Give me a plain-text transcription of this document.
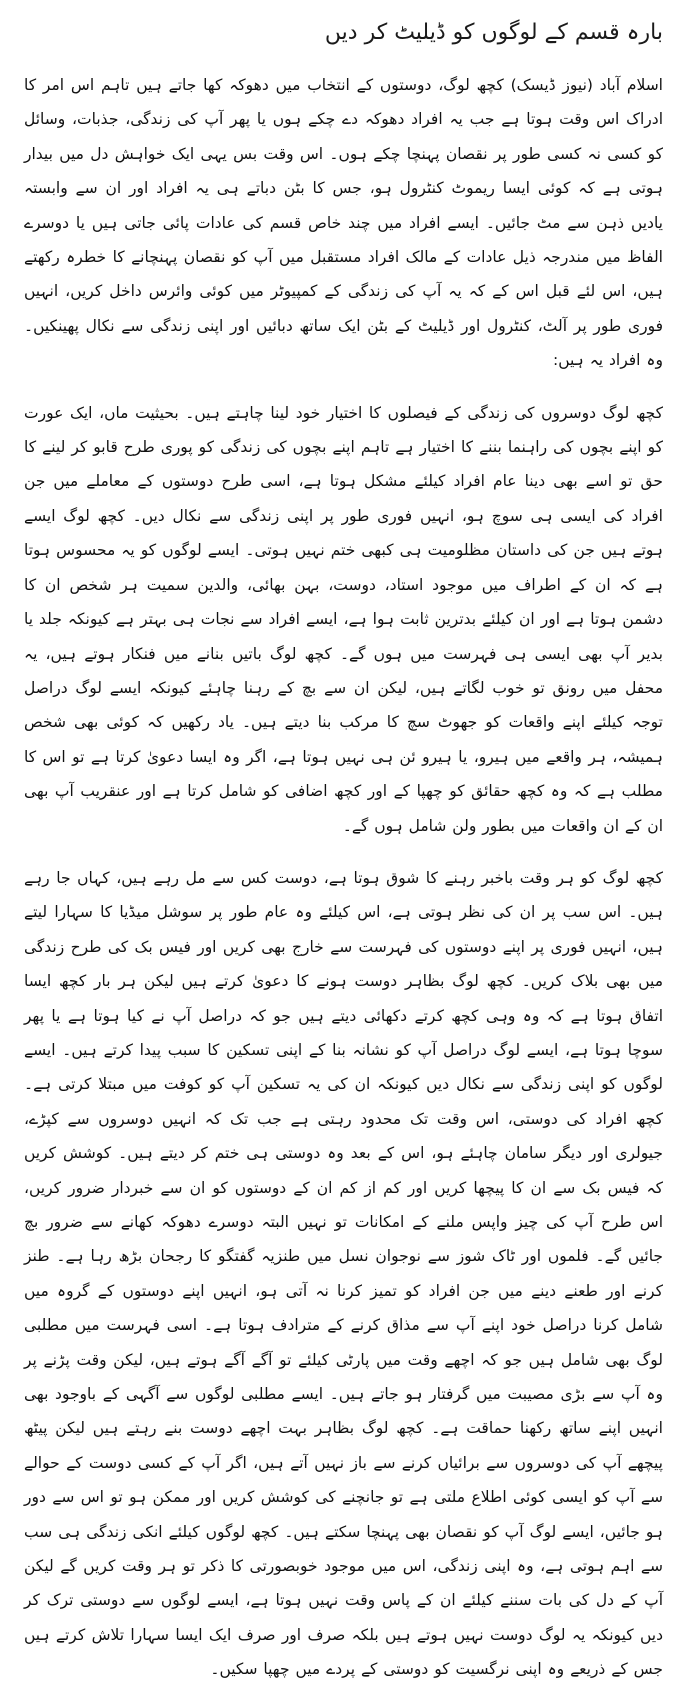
بارہ قسم کے لوگوں کو ڈیلیٹ کر دیں

اسلام آباد (نیوز ڈیسک) کچھ لوگ، دوستوں کے انتخاب میں دھوکہ کھا جاتے ہیں تاہم اس امر کا ادراک اس وقت ہوتا ہے جب یہ افراد دھوکہ دے چکے ہوں یا پھر آپ کی زندگی، جذبات، وسائل کو کسی نہ کسی طور پر نقصان پہنچا چکے ہوں۔ اس وقت بس یہی ایک خواہش دل میں بیدار ہوتی ہے کہ کوئی ایسا ریموٹ کنٹرول ہو، جس کا بٹن دباتے ہی یہ افراد اور ان سے وابستہ یادیں ذہن سے مٹ جائیں۔ ایسے افراد میں چند خاص قسم کی عادات پائی جاتی ہیں یا دوسرے الفاظ میں مندرجہ ذیل عادات کے مالک افراد مستقبل میں آپ کو نقصان پہنچانے کا خطرہ رکھتے ہیں، اس لئے قبل اس کے کہ یہ آپ کی زندگی کے کمپیوٹر میں کوئی وائرس داخل کریں، انہیں فوری طور پر آلٹ، کنٹرول اور ڈیلیٹ کے بٹن ایک ساتھ دبائیں اور اپنی زندگی سے نکال پھینکیں۔ وہ افراد یہ ہیں:

کچھ لوگ دوسروں کی زندگی کے فیصلوں کا اختیار خود لینا چاہتے ہیں۔ بحیثیت ماں، ایک عورت کو اپنے بچوں کی راہنما بننے کا اختیار ہے تاہم اپنے بچوں کی زندگی کو پوری طرح قابو کر لینے کا حق تو اسے بھی دینا عام افراد کیلئے مشکل ہوتا ہے، اسی طرح دوستوں کے معاملے میں جن افراد کی ایسی ہی سوچ ہو، انہیں فوری طور پر اپنی زندگی سے نکال دیں۔ کچھ لوگ ایسے ہوتے ہیں جن کی داستان مظلومیت ہی کبھی ختم نہیں ہوتی۔ ایسے لوگوں کو یہ محسوس ہوتا ہے کہ ان کے اطراف میں موجود استاد، دوست، بہن بھائی، والدین سمیت ہر شخص ان کا دشمن ہوتا ہے اور ان کیلئے بدترین ثابت ہوا ہے، ایسے افراد سے نجات ہی بہتر ہے کیونکہ جلد یا بدیر آپ بھی ایسی ہی فہرست میں ہوں گے۔ کچھ لوگ باتیں بنانے میں فنکار ہوتے ہیں، یہ محفل میں رونق تو خوب لگاتے ہیں، لیکن ان سے بچ کے رہنا چاہئے کیونکہ ایسے لوگ دراصل توجہ کیلئے اپنے واقعات کو جھوٹ سچ کا مرکب بنا دیتے ہیں۔ یاد رکھیں کہ کوئی بھی شخص ہمیشہ، ہر واقعے میں ہیرو، یا ہیرو ئن ہی نہیں ہوتا ہے، اگر وہ ایسا دعویٰ کرتا ہے تو اس کا مطلب ہے کہ وہ کچھ حقائق کو چھپا کے اور کچھ اضافی کو شامل کرتا ہے اور عنقریب آپ بھی ان کے ان واقعات میں بطور ولن شامل ہوں گے۔

کچھ لوگ کو ہر وقت باخبر رہنے کا شوق ہوتا ہے، دوست کس سے مل رہے ہیں، کہاں جا رہے ہیں۔ اس سب پر ان کی نظر ہوتی ہے، اس کیلئے وہ عام طور پر سوشل میڈیا کا سہارا لیتے ہیں، انہیں فوری پر اپنے دوستوں کی فہرست سے خارج بھی کریں اور فیس بک کی طرح زندگی میں بھی بلاک کریں۔ کچھ لوگ بظاہر دوست ہونے کا دعویٰ کرتے ہیں لیکن ہر بار کچھ ایسا اتفاق ہوتا ہے کہ وہ وہی کچھ کرتے دکھائی دیتے ہیں جو کہ دراصل آپ نے کیا ہوتا ہے یا پھر سوچا ہوتا ہے، ایسے لوگ دراصل آپ کو نشانہ بنا کے اپنی تسکین کا سبب پیدا کرتے ہیں۔ ایسے لوگوں کو اپنی زندگی سے نکال دیں کیونکہ ان کی یہ تسکین آپ کو کوفت میں مبتلا کرتی ہے۔ کچھ افراد کی دوستی، اس وقت تک محدود رہتی ہے جب تک کہ انہیں دوسروں سے کپڑے، جیولری اور دیگر سامان چاہئے ہو، اس کے بعد وہ دوستی ہی ختم کر دیتے ہیں۔ کوشش کریں کہ فیس بک سے ان کا پیچھا کریں اور کم از کم ان کے دوستوں کو ان سے خبردار ضرور کریں، اس طرح آپ کی چیز واپس ملنے کے امکانات تو نہیں البتہ دوسرے دھوکہ کھانے سے ضرور بچ جائیں گے۔ فلموں اور ٹاک شوز سے نوجوان نسل میں طنزیہ گفتگو کا رجحان بڑھ رہا ہے۔ طنز کرنے اور طعنے دینے میں جن افراد کو تمیز کرنا نہ آتی ہو، انہیں اپنے دوستوں کے گروہ میں شامل کرنا دراصل خود اپنے آپ سے مذاق کرنے کے مترادف ہوتا ہے۔ اسی فہرست میں مطلبی لوگ بھی شامل ہیں جو کہ اچھے وقت میں پارٹی کیلئے تو آگے آگے ہوتے ہیں، لیکن وقت پڑنے پر وہ آپ سے بڑی مصیبت میں گرفتار ہو جاتے ہیں۔ ایسے مطلبی لوگوں سے آگہی کے باوجود بھی انہیں اپنے ساتھ رکھنا حماقت ہے۔ کچھ لوگ بظاہر بہت اچھے دوست بنے رہتے ہیں لیکن پیٹھ پیچھے آپ کی دوسروں سے برائیاں کرنے سے باز نہیں آتے ہیں، اگر آپ کے کسی دوست کے حوالے سے آپ کو ایسی کوئی اطلاع ملتی ہے تو جانچنے کی کوشش کریں اور ممکن ہو تو اس سے دور ہو جائیں، ایسے لوگ آپ کو نقصان بھی پہنچا سکتے ہیں۔ کچھ لوگوں کیلئے انکی زندگی ہی سب سے اہم ہوتی ہے، وہ اپنی زندگی، اس میں موجود خوبصورتی کا ذکر تو ہر وقت کریں گے لیکن آپ کے دل کی بات سننے کیلئے ان کے پاس وقت نہیں ہوتا ہے، ایسے لوگوں سے دوستی ترک کر دیں کیونکہ یہ لوگ دوست نہیں ہوتے ہیں بلکہ صرف اور صرف ایک ایسا سہارا تلاش کرتے ہیں جس کے ذریعے وہ اپنی نرگسیت کو دوستی کے پردے میں چھپا سکیں۔
